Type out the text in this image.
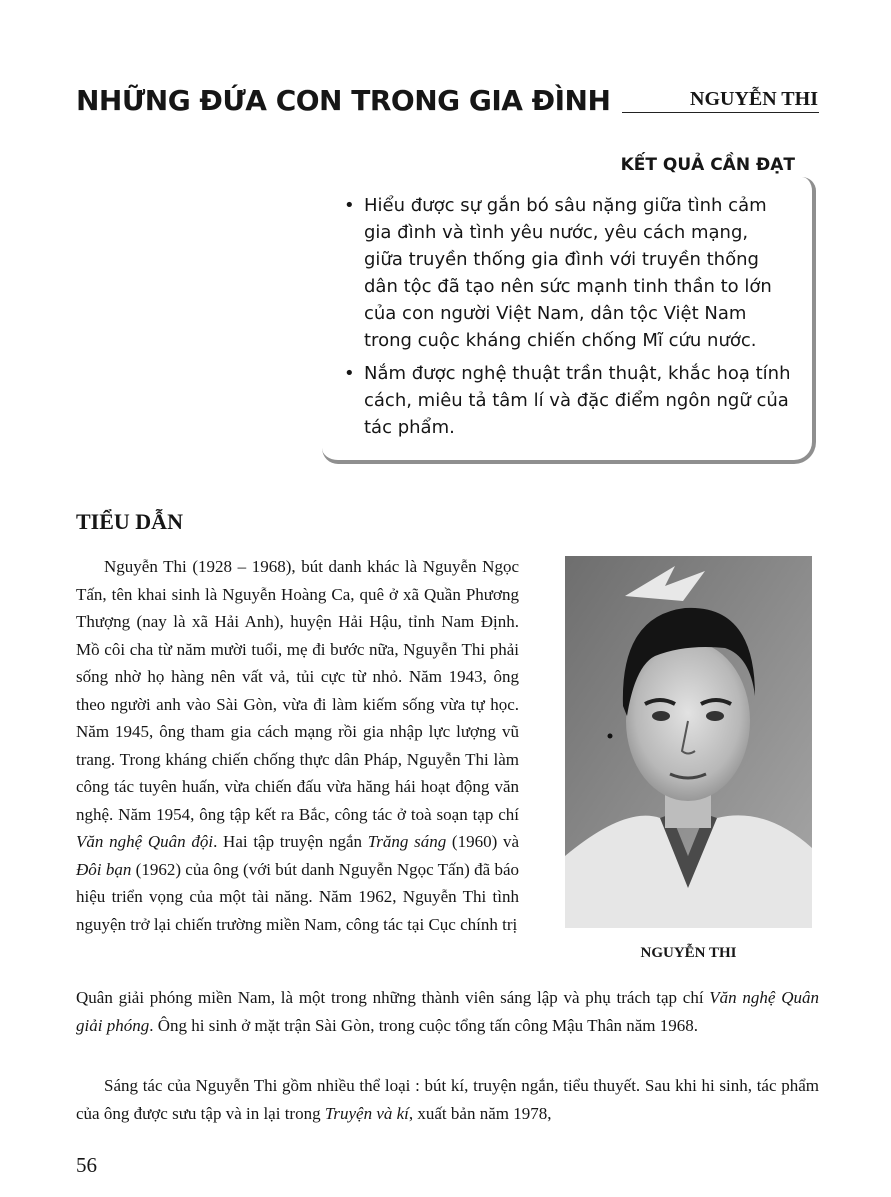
NHỮNG ĐỨA CON TRONG GIA ĐÌNH	NGUYỄN THI
KẾT QUẢ CẦN ĐẠT
• Hiểu được sự gắn bó sâu nặng giữa tình cảm gia đình và tình yêu nước, yêu cách mạng, giữa truyền thống gia đình với truyền thống dân tộc đã tạo nên sức mạnh tinh thần to lớn của con người Việt Nam, dân tộc Việt Nam trong cuộc kháng chiến chống Mĩ cứu nước.
• Nắm được nghệ thuật trần thuật, khắc hoạ tính cách, miêu tả tâm lí và đặc điểm ngôn ngữ của tác phẩm.
TIỂU DẪN

Nguyễn Thi (1928 – 1968), bút danh khác là Nguyễn Ngọc Tấn, tên khai sinh là Nguyễn Hoàng Ca, quê ở xã Quần Phương Thượng (nay là xã Hải Anh), huyện Hải Hậu, tỉnh Nam Định. Mồ côi cha từ năm mười tuổi, mẹ đi bước nữa, Nguyễn Thi phải sống nhờ họ hàng nên vất vả, tủi cực từ nhỏ. Năm 1943, ông theo người anh vào Sài Gòn, vừa đi làm kiếm sống vừa tự học. Năm 1945, ông tham gia cách mạng rồi gia nhập lực lượng vũ trang. Trong kháng chiến chống thực dân Pháp, Nguyễn Thi làm công tác tuyên huấn, vừa chiến đấu vừa hăng hái hoạt động văn nghệ. Năm 1954, ông tập kết ra Bắc, công tác ở toà soạn tạp chí Văn nghệ Quân đội. Hai tập truyện ngắn Trăng sáng (1960) và Đôi bạn (1962) của ông (với bút danh Nguyễn Ngọc Tấn) đã báo hiệu triển vọng của một tài năng. Năm 1962, Nguyễn Thi tình nguyện trở lại chiến trường miền Nam, công tác tại Cục chính trị

Quân giải phóng miền Nam, là một trong những thành viên sáng lập và phụ trách tạp chí Văn nghệ Quân giải phóng. Ông hi sinh ở mặt trận Sài Gòn, trong cuộc tổng tấn công Mậu Thân năm 1968.

Sáng tác của Nguyễn Thi gồm nhiều thể loại : bút kí, truyện ngắn, tiểu thuyết. Sau khi hi sinh, tác phẩm của ông được sưu tập và in lại trong Truyện và kí, xuất bản năm 1978,

NGUYỄN THI
56
